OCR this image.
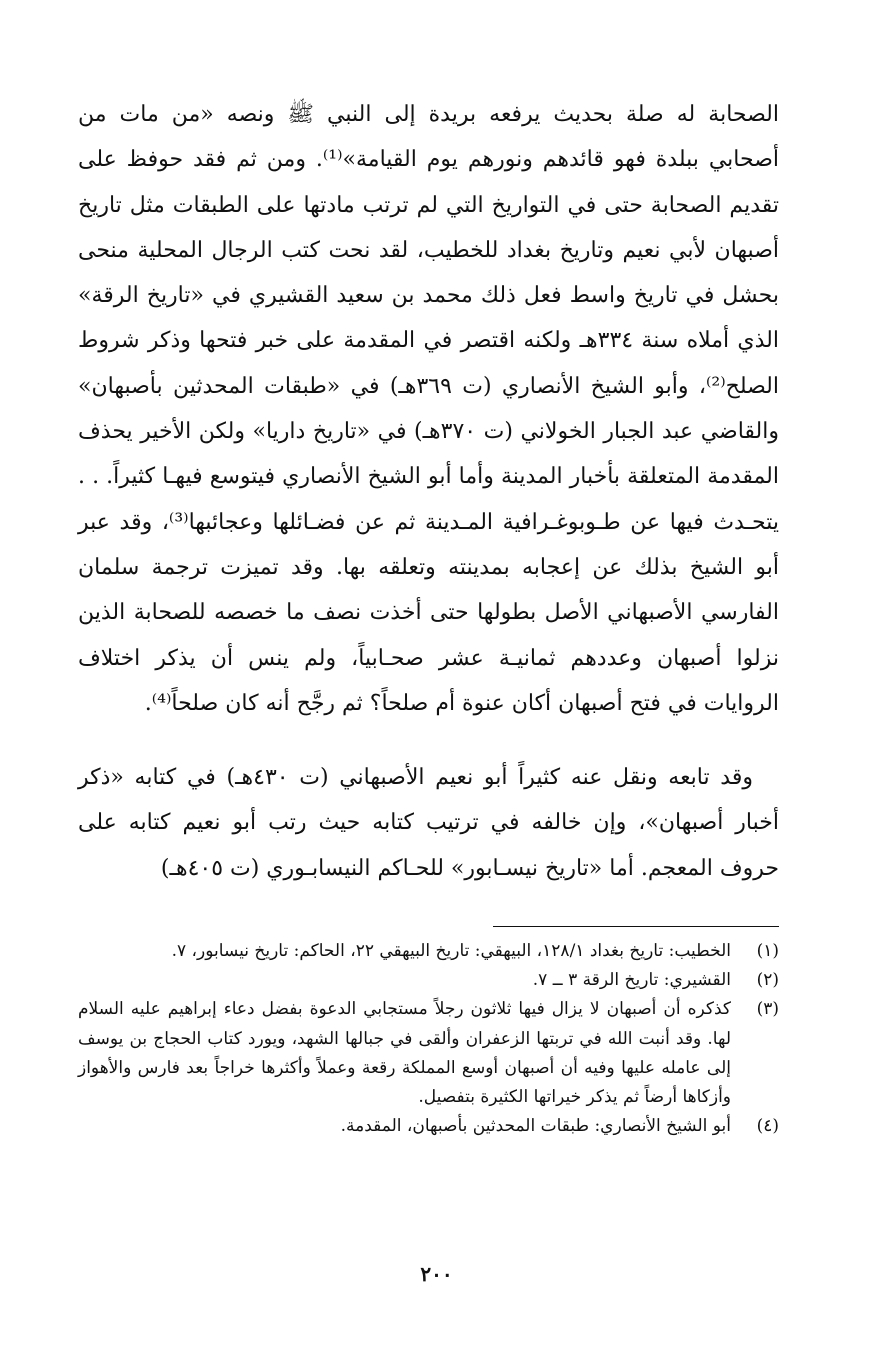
الصحابة له صلة بحديث يرفعه بريدة إلى النبي ﷺ ونصه «من مات من أصحابي ببلدة فهو قائدهم ونورهم يوم القيامة»⁽¹⁾. ومن ثم فقد حوفظ على تقديم الصحابة حتى في التواريخ التي لم ترتب مادتها على الطبقات مثل تاريخ أصبهان لأبي نعيم وتاريخ بغداد للخطيب، لقد نحت كتب الرجال المحلية منحى بحشل في تاريخ واسط فعل ذلك محمد بن سعيد القشيري في «تاريخ الرقة» الذي أملاه سنة ٣٣٤هـ ولكنه اقتصر في المقدمة على خبر فتحها وذكر شروط الصلح⁽²⁾، وأبو الشيخ الأنصاري (ت ٣٦٩هـ) في «طبقات المحدثين بأصبهان» والقاضي عبد الجبار الخولاني (ت ٣٧٠هـ) في «تاريخ داريا» ولكن الأخير يحذف المقدمة المتعلقة بأخبار المدينة وأما أبو الشيخ الأنصاري فيتوسع فيهـا كثيراً. . . يتحـدث فيها عن طـوبوغـرافية المـدينة ثم عن فضـائلها وعجائبها⁽³⁾، وقد عبر أبو الشيخ بذلك عن إعجابه بمدينته وتعلقه بها. وقد تميزت ترجمة سلمان الفارسي الأصبهاني الأصل بطولها حتى أخذت نصف ما خصصه للصحابة الذين نزلوا أصبهان وعددهم ثمانيـة عشر صحـابياً، ولم ينس أن يذكر اختلاف الروايات في فتح أصبهان أكان عنوة أم صلحاً؟ ثم رجَّح أنه كان صلحاً⁽⁴⁾.

وقد تابعه ونقل عنه كثيراً أبو نعيم الأصبهاني (ت ٤٣٠هـ) في كتابه «ذكر أخبار أصبهان»، وإن خالفه في ترتيب كتابه حيث رتب أبو نعيم كتابه على حروف المعجم. أما «تاريخ نيسـابور» للحـاكم النيسابـوري (ت ٤٠٥هـ)

(١)
الخطيب: تاريخ بغداد ١٢٨/١، البيهقي: تاريخ البيهقي ٢٢، الحاكم: تاريخ نيسابور، ٧.
(٢)
القشيري: تاريخ الرقة ٣ ــ ٧.
(٣)
كذكره أن أصبهان لا يزال فيها ثلاثون رجلاً مستجابي الدعوة بفضل دعاء إبراهيم عليه السلام لها. وقد أنبت الله في تربتها الزعفران وألقى في جبالها الشهد، ويورد كتاب الحجاج بن يوسف إلى عامله عليها وفيه أن أصبهان أوسع المملكة رقعة وعملاً وأكثرها خراجاً بعد فارس والأهواز وأزكاها أرضاً ثم يذكر خيراتها الكثيرة بتفصيل.
(٤)
أبو الشيخ الأنصاري: طبقات المحدثين بأصبهان، المقدمة.
٢٠٠
